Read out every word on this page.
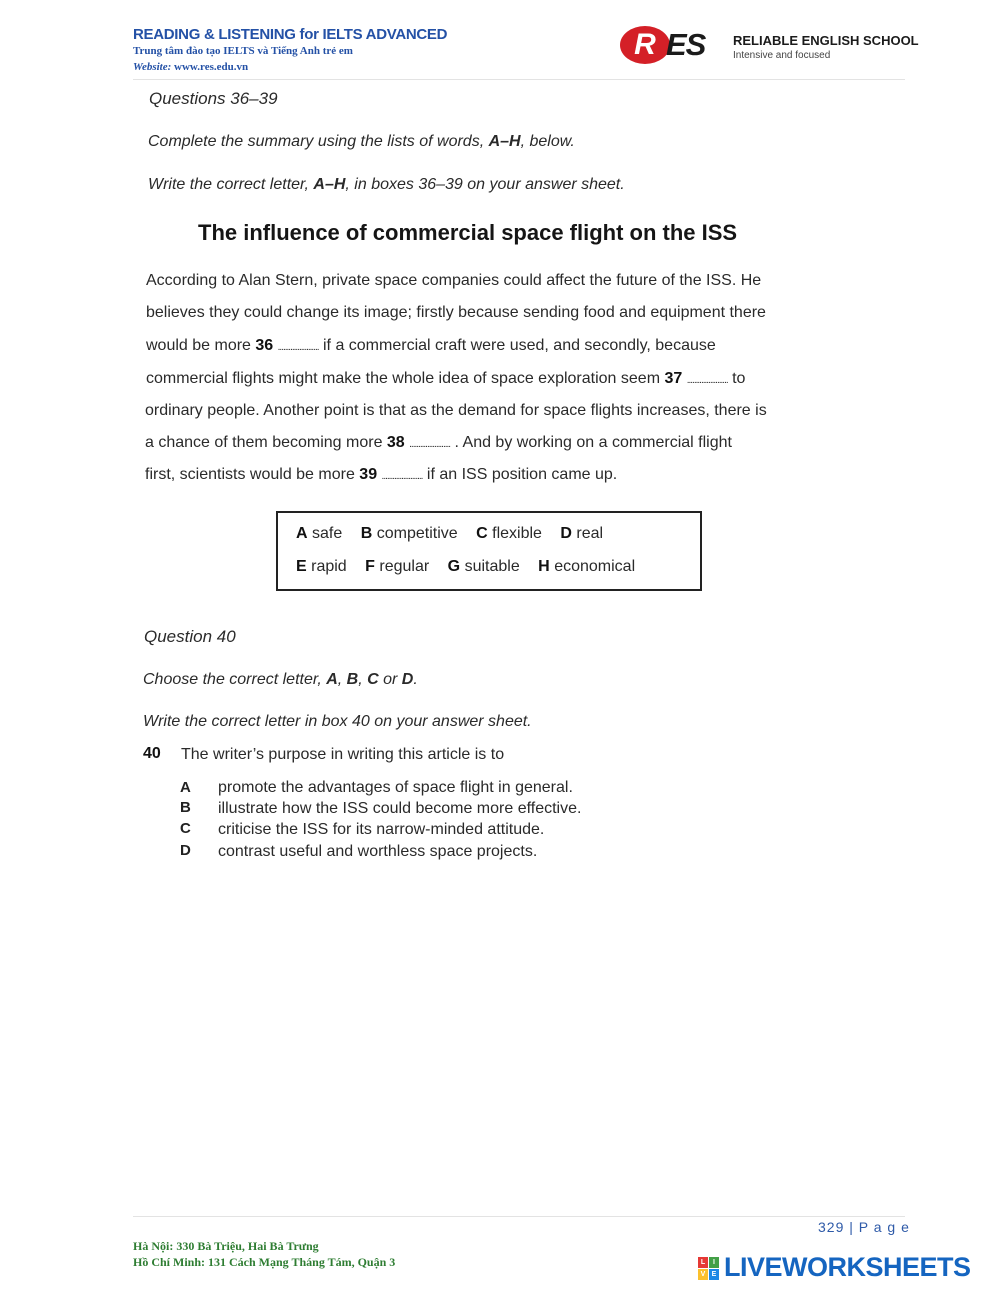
READING & LISTENING for IELTS ADVANCED
Trung tâm đào tạo IELTS và Tiếng Anh trẻ em
Website: www.res.edu.vn
R ES RELIABLE ENGLISH SCHOOL
Intensive and focused
Questions 36–39
Complete the summary using the lists of words, A–H, below.
Write the correct letter, A–H, in boxes 36–39 on your answer sheet.
The influence of commercial space flight on the ISS
According to Alan Stern, private space companies could affect the future of the ISS. He
believes they could change its image; firstly because sending food and equipment there
would be more 36 ....................... if a commercial craft were used, and secondly, because
commercial flights might make the whole idea of space exploration seem 37 ....................... to
ordinary people. Another point is that as the demand for space flights increases, there is
a chance of them becoming more 38 ....................... . And by working on a commercial flight
first, scientists would be more 39 ....................... if an ISS position came up.
A safe B competitive C flexible D real
E rapid F regular G suitable H economical
Question 40
Choose the correct letter, A, B, C or D.
Write the correct letter in box 40 on your answer sheet.
40 The writer’s purpose in writing this article is to
A promote the advantages of space flight in general.
B illustrate how the ISS could become more effective.
C criticise the ISS for its narrow-minded attitude.
D contrast useful and worthless space projects.
329 | P a g e
Hà Nội: 330 Bà Triệu, Hai Bà Trưng
Hồ Chí Minh: 131 Cách Mạng Tháng Tám, Quận 3	L	I
V E LIVEWORKSHEETS
